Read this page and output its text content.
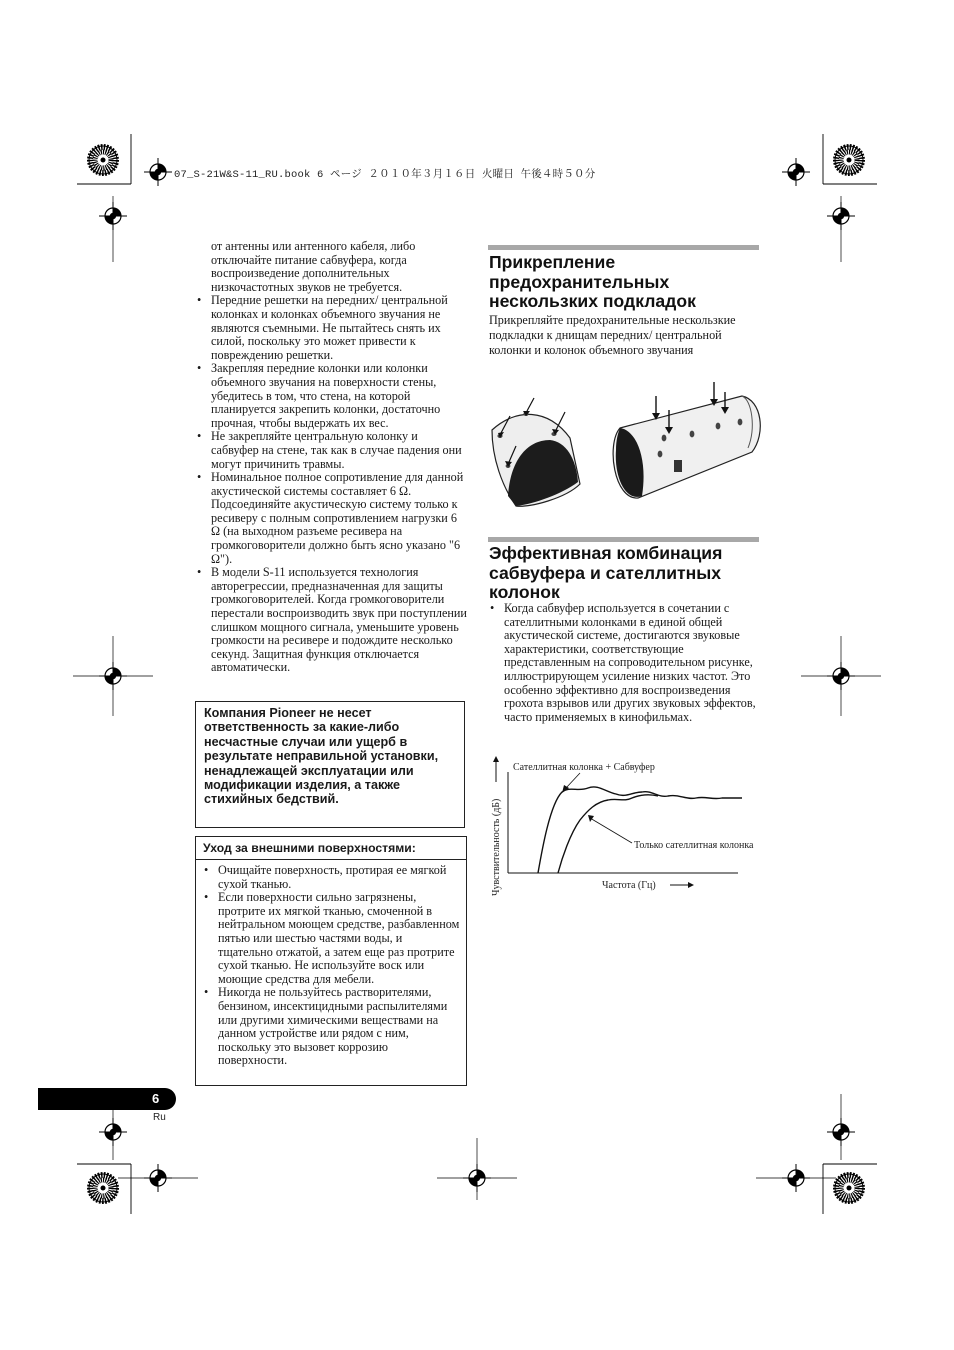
07_S-21W&S-11_RU.book 6 ページ ２０１０年３月１６日 火曜日 午後４時５０分

от антенны или антенного кабеля, либо отключайте питание сабвуфера, когда воспроизведение дополнительных низкочастотных звуков не требуется.

• Передние решетки на передних/ центральной колонках и колонках объемного звучания не являются съемными. Не пытайтесь снять их силой, поскольку это может привести к повреждению решетки.
• Закрепляя передние колонки или колонки объемного звучания на поверхности стены, убедитесь в том, что стена, на которой планируется закрепить колонки, достаточно прочная, чтобы выдержать их вес.
• Не закрепляйте центральную колонку и сабвуфер на стене, так как в случае падения они могут причинить травмы.
• Номинальное полное сопротивление для данной акустической системы составляет 6 Ω. Подсоединяйте акустическую систему только к ресиверу с полным сопротивлением нагрузки 6 Ω (на выходном разъеме ресивера на громкоговорители должно быть ясно указано "6 Ω").
• В модели S-11 используется технология авторегрессии, предназначенная для защиты громкоговорителей. Когда громкоговорители перестали воспроизводить звук при поступлении слишком мощного сигнала, уменьшите уровень громкости на ресивере и подождите несколько секунд. Защитная функция отключается автоматически.
Компания Pioneer не несет ответственность за какие-либо несчастные случаи или ущерб в результате неправильной установки, ненадлежащей эксплуатации или модификации изделия, а также стихийных бедствий.
Уход за внешними поверхностями:
• Очищайте поверхность, протирая ее мягкой сухой тканью.
• Если поверхности сильно загрязнены, протрите их мягкой тканью, смоченной в нейтральном моющем средстве, разбавленном пятью или шестью частями воды, и тщательно отжатой, а затем еще раз протрите сухой тканью. Не используйте воск или моющие средства для мебели.
• Никогда не пользуйтесь растворителями, бензином, инсектицидными распылителями или другими химическими веществами на данном устройстве или рядом с ним, поскольку это вызовет коррозию поверхности.
Прикрепление предохранительных нескользких подкладок
Прикрепляйте предохранительные нескользкие подкладки к днищам передних/ центральной колонки и колонок объемного звучания
Эффективная комбинация сабвуфера и сателлитных колонок
• Когда сабвуфер используется в сочетании с сателлитными колонками в единой общей акустической системе, достигаются звуковые характеристики, соответствующие представленным на сопроводительном рисунке, иллюстрирующем усиление низких частот. Это особенно эффективно для воспроизведения грохота взрывов или других звуковых эффектов, часто применяемых в кинофильмах.
Чувствительность (дБ)	Частота (Гц)
Сателлитная колонка + Сабвуфер
Только сателлитная колонка
6
Ru
